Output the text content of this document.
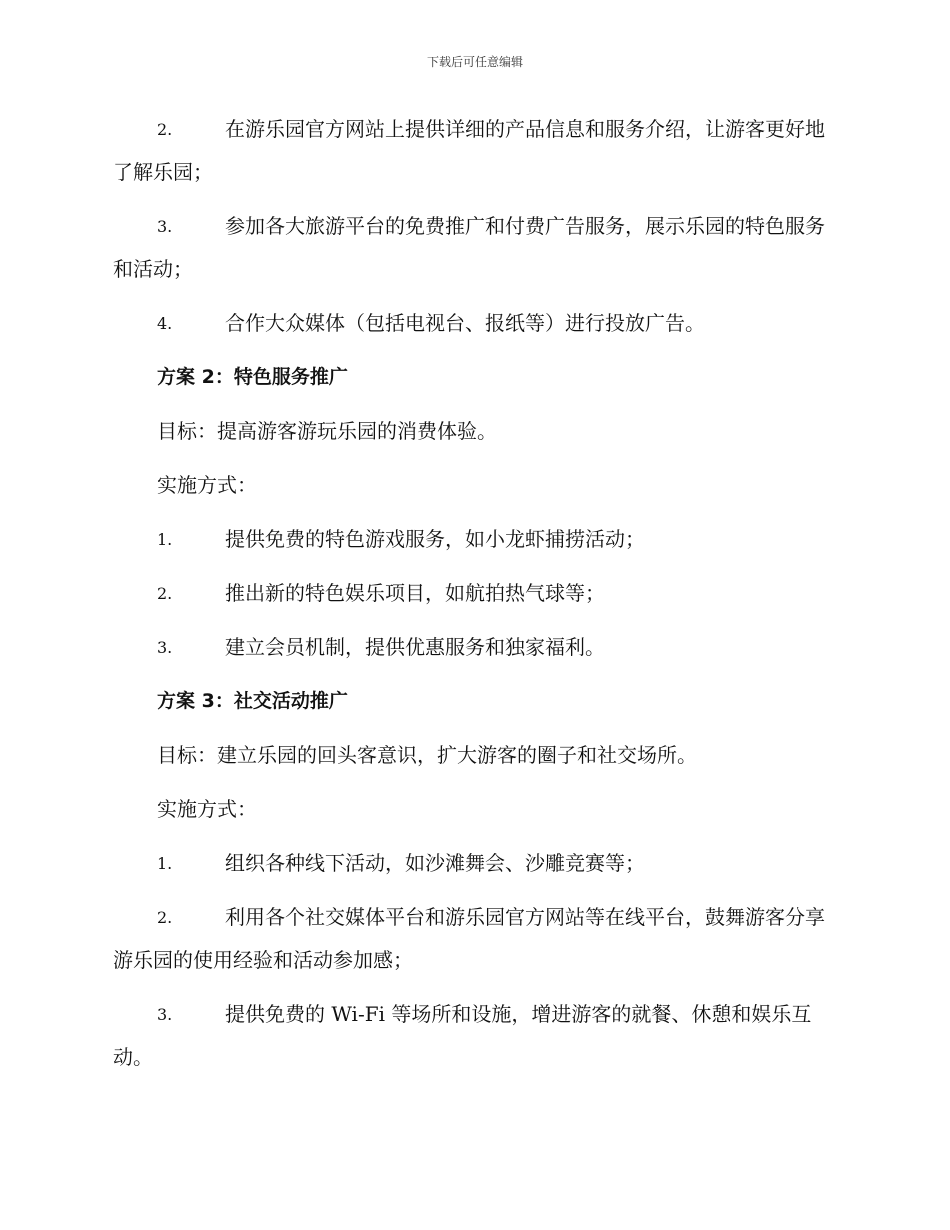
下载后可任意编辑
2.	在游乐园官方网站上提供详细的产品信息和服务介绍，让游客更好地了解乐园；
3.	参加各大旅游平台的免费推广和付费广告服务，展示乐园的特色服务和活动；
4.	合作大众媒体（包括电视台、报纸等）进行投放广告。
方案 2：特色服务推广
目标：提高游客游玩乐园的消费体验。
实施方式：
1.	提供免费的特色游戏服务，如小龙虾捕捞活动；
2.	推出新的特色娱乐项目，如航拍热气球等；
3.	建立会员机制，提供优惠服务和独家福利。
方案 3：社交活动推广
目标：建立乐园的回头客意识，扩大游客的圈子和社交场所。
实施方式：
1.	组织各种线下活动，如沙滩舞会、沙雕竞赛等；
2.	利用各个社交媒体平台和游乐园官方网站等在线平台，鼓舞游客分享游乐园的使用经验和活动参加感；
3.	提供免费的 Wi-Fi 等场所和设施，增进游客的就餐、休憩和娱乐互动。
